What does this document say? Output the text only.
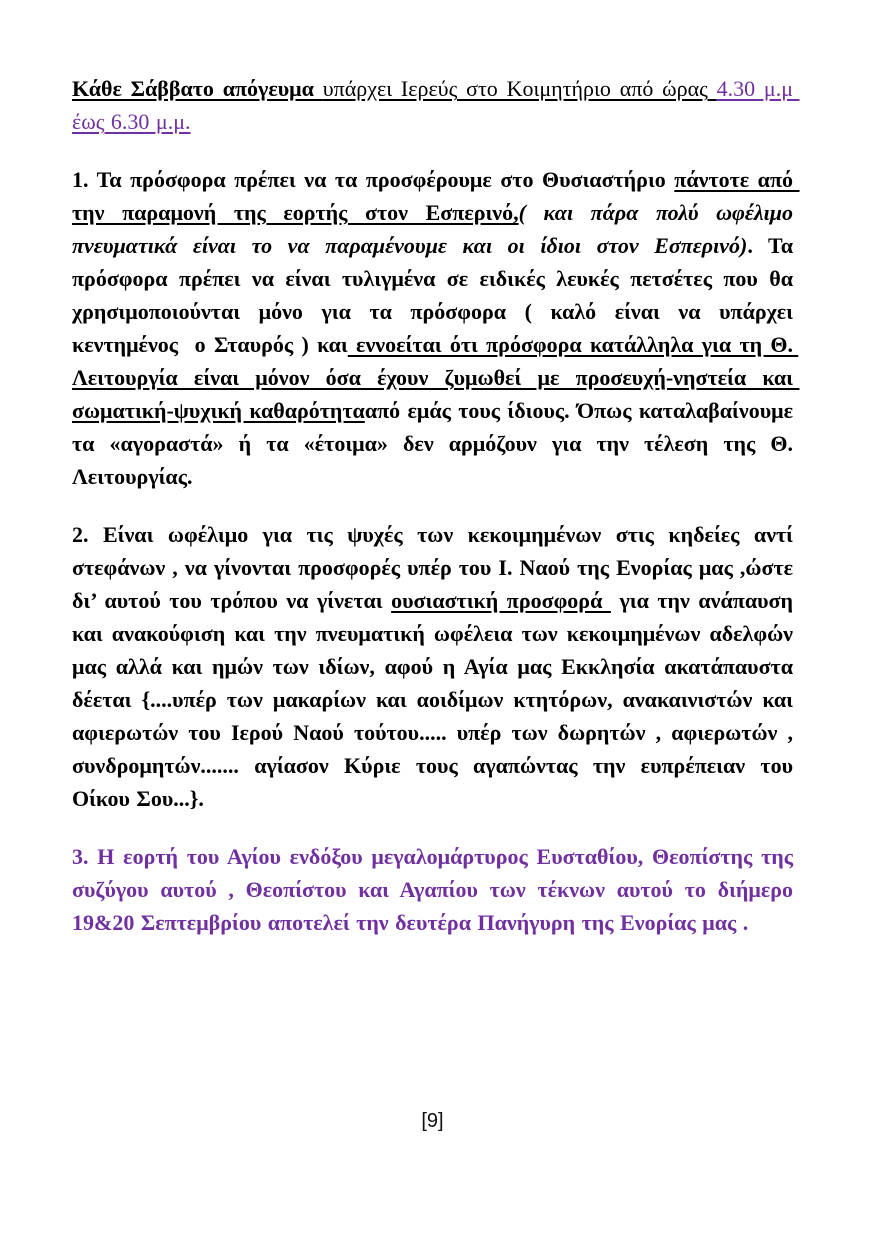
Κάθε Σάββατο απόγευμα υπάρχει Ιερεύς στο Κοιμητήριο από ώρας 4.30 μ.μ έως 6.30 μ.μ.

1. Τα πρόσφορα πρέπει να τα προσφέρουμε στο Θυσιαστήριο πάντοτε από την παραμονή της εορτής στον Εσπερινό,( και πάρα πολύ ωφέλιμο πνευματικά είναι το να παραμένουμε και οι ίδιοι στον Εσπερινό). Τα πρόσφορα πρέπει να είναι τυλιγμένα σε ειδικές λευκές πετσέτες που θα χρησιμοποιούνται μόνο για τα πρόσφορα ( καλό είναι να υπάρχει κεντημένος  ο Σταυρός ) και εννοείται ότι πρόσφορα κατάλληλα για τη Θ. Λειτουργία είναι μόνον όσα έχουν ζυμωθεί με προσευχή-νηστεία και σωματική-ψυχική καθαρότητααπό εμάς τους ίδιους. Όπως καταλαβαίνουμε τα «αγοραστά» ή τα «έτοιμα» δεν αρμόζουν για την τέλεση της Θ. Λειτουργίας.

2. Είναι ωφέλιμο για τις ψυχές των κεκοιμημένων στις κηδείες αντί στεφάνων , να γίνονται προσφορές υπέρ του Ι. Ναού της Ενορίας μας ,ώστε δι’ αυτού του τρόπου να γίνεται ουσιαστική προσφορά  για την ανάπαυση και ανακούφιση και την πνευματική ωφέλεια των κεκοιμημένων αδελφών μας αλλά και ημών των ιδίων, αφού η Αγία μας Εκκλησία ακατάπαυστα δέεται {....υπέρ των μακαρίων και αοιδίμων κτητόρων, ανακαινιστών και αφιερωτών του Ιερού Ναού τούτου..... υπέρ των δωρητών , αφιερωτών , συνδρομητών....... αγίασον Κύριε τους αγαπώντας την ευπρέπειαν του Οίκου Σου...}.

3. Η εορτή του Αγίου ενδόξου μεγαλομάρτυρος Ευσταθίου, Θεοπίστης της συζύγου αυτού , Θεοπίστου και Αγαπίου των τέκνων αυτού το διήμερο 19&20 Σεπτεμβρίου αποτελεί την δευτέρα Πανήγυρη της Ενορίας μας .

[9]
